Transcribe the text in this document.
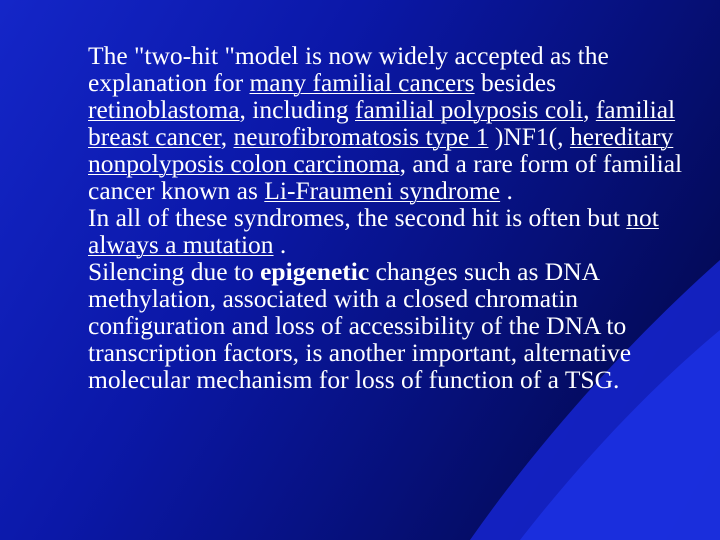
The "two-hit "model is now widely accepted as the explanation for many familial cancers besides retinoblastoma, including familial polyposis coli, familial breast cancer, neurofibromatosis type 1 )NF1(, hereditary nonpolyposis colon carcinoma, and a rare form of familial cancer known as Li-Fraumeni syndrome .

In all of these syndromes, the second hit is often but not always a mutation .

Silencing due to epigenetic changes such as DNA methylation, associated with a closed chromatin configuration and loss of accessibility of the DNA to transcription factors, is another important, alternative molecular mechanism for loss of function of a TSG.
